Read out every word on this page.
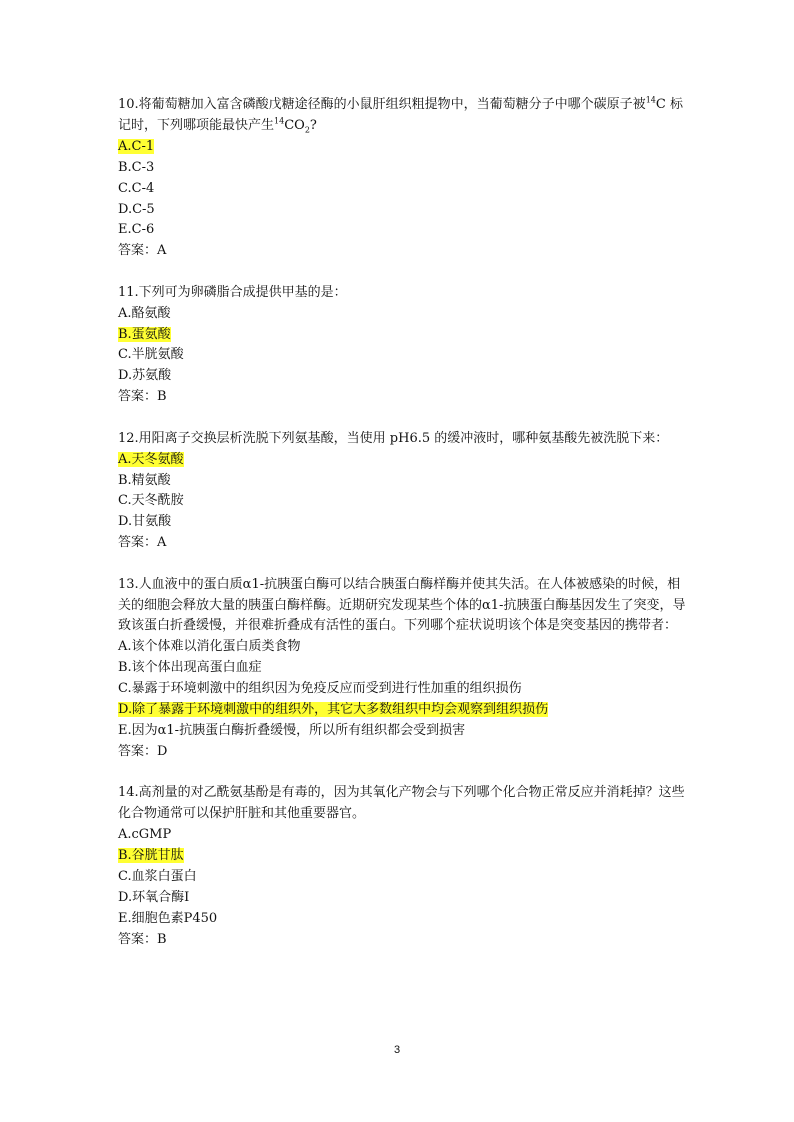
10.将葡萄糖加入富含磷酸戊糖途径酶的小鼠肝组织粗提物中，当葡萄糖分子中哪个碳原子被$^{14}$C 标记时，下列哪项能最快产生$^{14}CO_2$?
A.C-1
B.C-3
C.C-4
D.C-5
E.C-6
答案：A
11.下列可为卵磷脂合成提供甲基的是：
A.酪氨酸
B.蛋氨酸
C.半胱氨酸
D.苏氨酸
答案：B
12.用阳离子交换层析洗脱下列氨基酸，当使用 pH6.5 的缓冲液时，哪种氨基酸先被洗脱下来：
A.天冬氨酸
B.精氨酸
C.天冬酰胺
D.甘氨酸
答案：A
13.人血液中的蛋白质α1-抗胰蛋白酶可以结合胰蛋白酶样酶并使其失活。在人体被感染的时候，相关的细胞会释放大量的胰蛋白酶样酶。近期研究发现某些个体的α1-抗胰蛋白酶基因发生了突变，导致该蛋白折叠缓慢，并很难折叠成有活性的蛋白。下列哪个症状说明该个体是突变基因的携带者：
A.该个体难以消化蛋白质类食物
B.该个体出现高蛋白血症
C.暴露于环境刺激中的组织因为免疫反应而受到进行性加重的组织损伤
D.除了暴露于环境刺激中的组织外，其它大多数组织中均会观察到组织损伤
E.因为α1-抗胰蛋白酶折叠缓慢，所以所有组织都会受到损害
答案：D
14.高剂量的对乙酰氨基酚是有毒的，因为其氧化产物会与下列哪个化合物正常反应并消耗掉？这些化合物通常可以保护肝脏和其他重要器官。
A.cGMP
B.谷胱甘肽
C.血浆白蛋白
D.环氧合酶Ⅰ
E.细胞色素P450
答案：B
3
